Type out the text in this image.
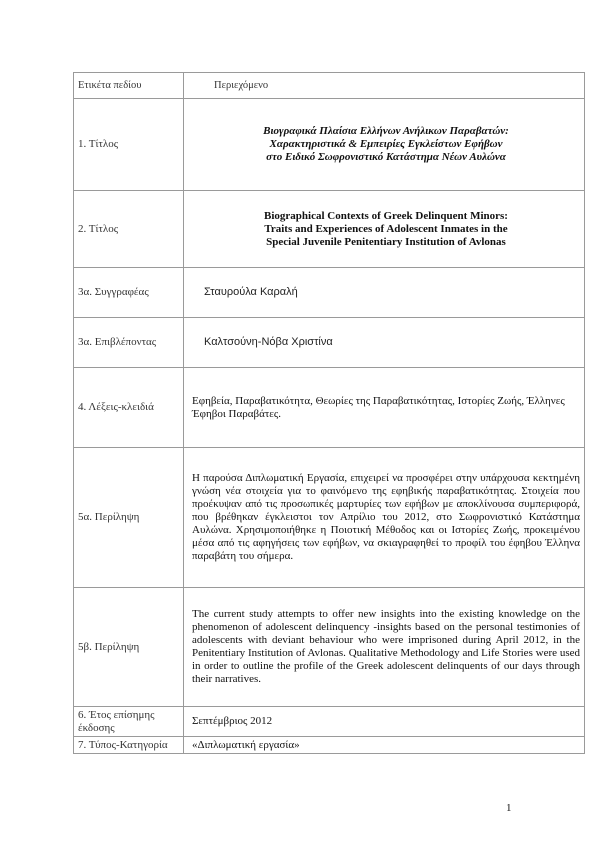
Ετικέτα πεδίου	Περιεχόμενο
1. Τίτλος	Βιογραφικά Πλαίσια Ελλήνων Ανήλικων Παραβατών:
Χαρακτηριστικά & Εμπειρίες Εγκλείστων Εφήβων
στο Ειδικό Σωφρονιστικό Κατάστημα Νέων Αυλώνα

2. Τίτλος	Biographical Contexts of Greek Delinquent Minors:
Traits and Experiences of Adolescent Inmates in the
Special Juvenile Penitentiary Institution of Avlonas

3α. Συγγραφέας	Σταυρούλα Καραλή
3α. Επιβλέποντας	Καλτσούνη-Νόβα Χριστίνα
4. Λέξεις-κλειδιά	Εφηβεία, Παραβατικότητα, Θεωρίες της Παραβατικότητας, Ιστορίες Ζωής, Έλληνες Έφηβοι Παραβάτες.
5α. Περίληψη	Η παρούσα Διπλωματική Εργασία, επιχειρεί να προσφέρει στην υπάρχουσα κεκτημένη γνώση νέα στοιχεία για το φαινόμενο της εφηβικής παραβατικότητας. Στοιχεία που προέκυψαν από τις προσωπικές μαρτυρίες των εφήβων με αποκλίνουσα συμπεριφορά, που βρέθηκαν έγκλειστοι τον Απρίλιο του 2012, στο Σωφρονιστικό Κατάστημα Αυλώνα. Χρησιμοποιήθηκε η Ποιοτική Μέθοδος και οι Ιστορίες Ζωής, προκειμένου μέσα από τις αφηγήσεις των εφήβων, να σκιαγραφηθεί το προφίλ του έφηβου Έλληνα παραβάτη του σήμερα.
5β. Περίληψη	The current study attempts to offer new insights into the existing knowledge on the phenomenon of adolescent delinquency -insights based on the personal testimonies of adolescents with deviant behaviour who were imprisoned during April 2012, in the Penitentiary Institution of Avlonas. Qualitative Methodology and Life Stories were used in order to outline the profile of the Greek adolescent delinquents of our days through their narratives.
6. Έτος επίσημης έκδοσης	Σεπτέμβριος 2012
7. Τύπος-Κατηγορία	«Διπλωματική εργασία»
1
